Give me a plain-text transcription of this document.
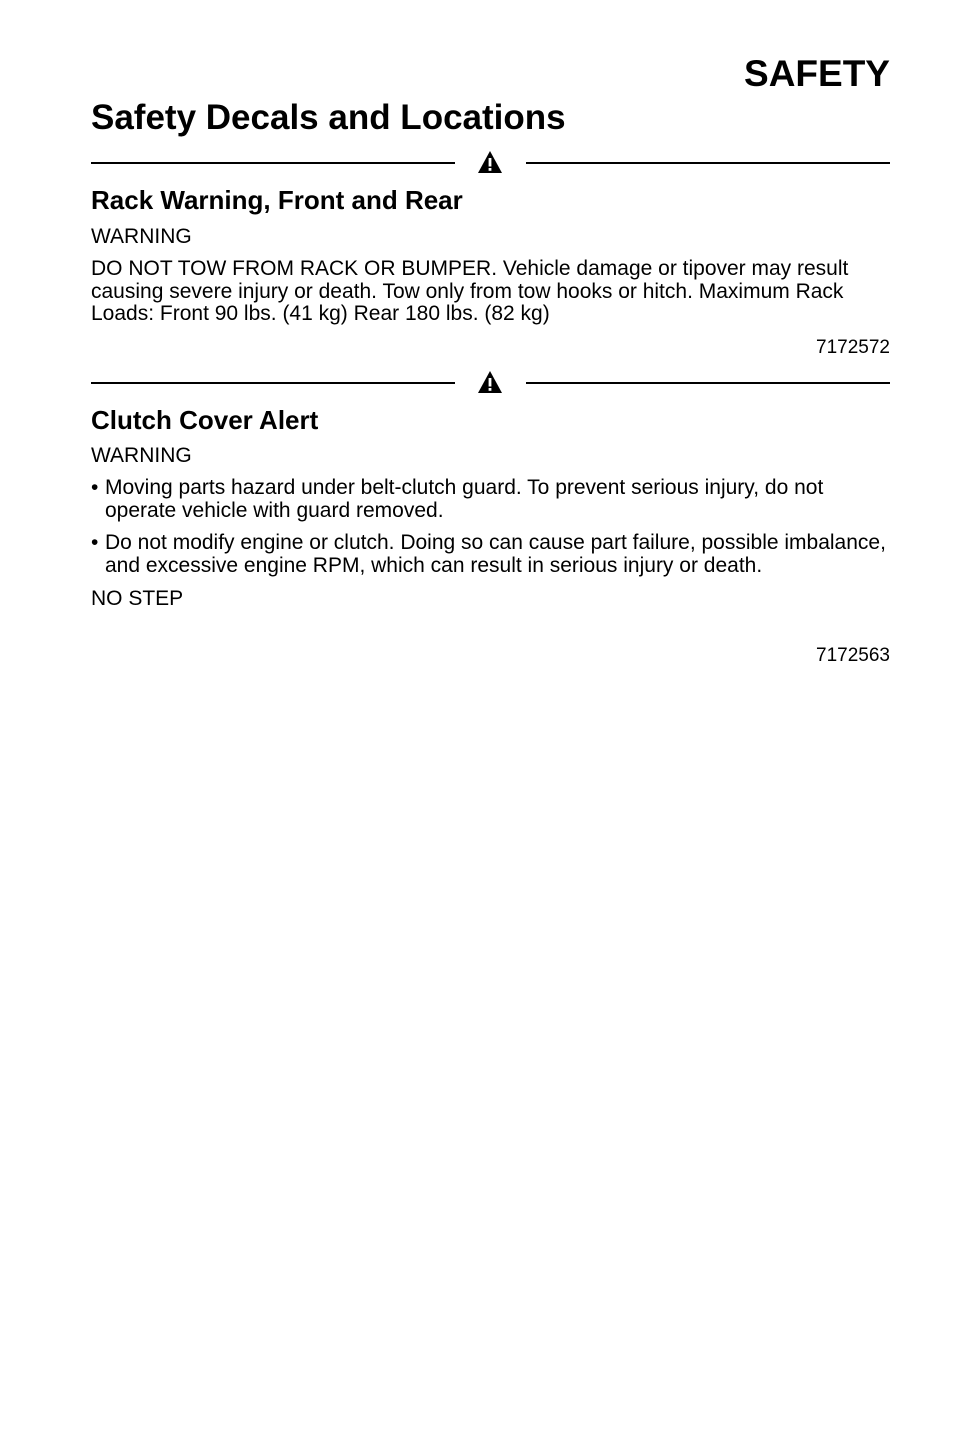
SAFETY
Safety Decals and Locations
Rack Warning, Front and Rear

WARNING

DO NOT TOW FROM RACK OR BUMPER. Vehicle damage or tipover may result causing severe injury or death. Tow only from tow hooks or hitch. Maximum Rack Loads: Front 90 lbs. (41 kg) Rear 180 lbs. (82 kg)

7172572

Clutch Cover Alert

WARNING

• Moving parts hazard under belt-clutch guard. To prevent serious injury, do not operate vehicle with guard removed.
• Do not modify engine or clutch. Doing so can cause part failure, possible imbalance, and excessive engine RPM, which can result in serious injury or death.

NO STEP

7172563
